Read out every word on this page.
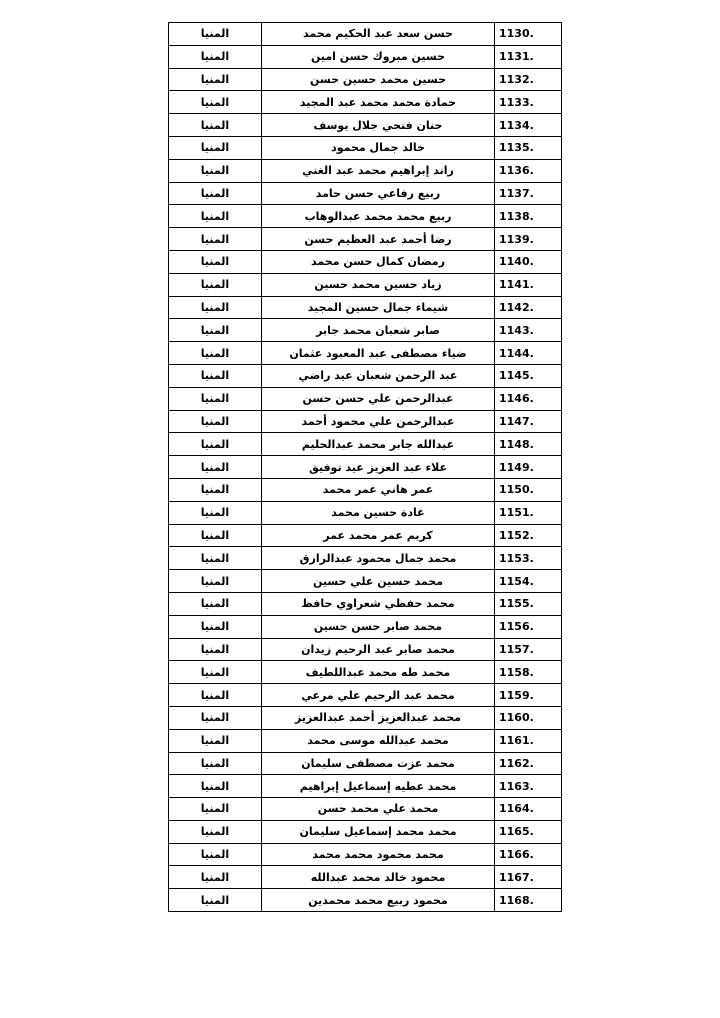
المنيا	حسن سعد عبد الحكيم محمد	1130.
المنيا	حسين مبروك حسن امين	1131.
المنيا	حسين محمد حسين حسن	1132.
المنيا	حمادة محمد محمد عبد المجيد	1133.
المنيا	حنان فتحي جلال يوسف	1134.
المنيا	خالد جمال محمود	1135.
المنيا	راند إبراهيم محمد عبد الغني	1136.
المنيا	ربيع رفاعي حسن حامد	1137.
المنيا	ربيع محمد محمد عبدالوهاب	1138.
المنيا	رضا أحمد عبد العظيم حسن	1139.
المنيا	رمضان كمال حسن محمد	1140.
المنيا	زياد حسين محمد حسين	1141.
المنيا	شيماء جمال حسين المجيد	1142.
المنيا	صابر شعبان محمد جابر	1143.
المنيا	ضياء مصطفى عبد المعبود عثمان	1144.
المنيا	عبد الرحمن شعبان عيد راضي	1145.
المنيا	عبدالرحمن علي حسن حسن	1146.
المنيا	عبدالرحمن علي محمود أحمد	1147.
المنيا	عبدالله جابر محمد عبدالحليم	1148.
المنيا	علاء عبد العزيز عيد توفيق	1149.
المنيا	عمر هاني عمر محمد	1150.
المنيا	غادة حسين محمد	1151.
المنيا	كريم عمر محمد عمر	1152.
المنيا	محمد جمال محمود عبدالرازق	1153.
المنيا	محمد حسين علي حسين	1154.
المنيا	محمد حفظي شعراوي حافظ	1155.
المنيا	محمد صابر حسن حسين	1156.
المنيا	محمد صابر عبد الرحيم زيدان	1157.
المنيا	محمد طه محمد عبداللطيف	1158.
المنيا	محمد عبد الرحيم علي مرعي	1159.
المنيا	محمد عبدالعزيز أحمد عبدالعزيز	1160.
المنيا	محمد عبدالله موسى محمد	1161.
المنيا	محمد عزت مصطفى سليمان	1162.
المنيا	محمد عطيه إسماعيل إبراهيم	1163.
المنيا	محمد علي محمد حسن	1164.
المنيا	محمد محمد إسماعيل سليمان	1165.
المنيا	محمد محمود محمد محمد	1166.
المنيا	محمود خالد محمد عبدالله	1167.
المنيا	محمود ربيع محمد محمدين	1168.
